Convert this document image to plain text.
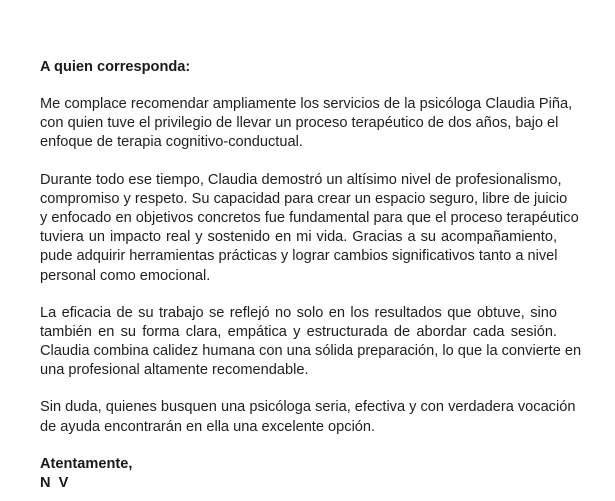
A quien corresponda:

Me complace recomendar ampliamente los servicios de la psicóloga Claudia Piña,
con quien tuve el privilegio de llevar un proceso terapéutico de dos años, bajo el
enfoque de terapia cognitivo-conductual.

Durante todo ese tiempo, Claudia demostró un altísimo nivel de profesionalismo,
compromiso y respeto. Su capacidad para crear un espacio seguro, libre de juicio
y enfocado en objetivos concretos fue fundamental para que el proceso terapéutico
tuviera un impacto real y sostenido en mi vida. Gracias a su acompañamiento,
pude adquirir herramientas prácticas y lograr cambios significativos tanto a nivel
personal como emocional.

La eficacia de su trabajo se reflejó no solo en los resultados que obtuve, sino
también en su forma clara, empática y estructurada de abordar cada sesión.
Claudia combina calidez humana con una sólida preparación, lo que la convierte en
una profesional altamente recomendable.

Sin duda, quienes busquen una psicóloga seria, efectiva y con verdadera vocación
de ayuda encontrarán en ella una excelente opción.

Atentamente,
N V
